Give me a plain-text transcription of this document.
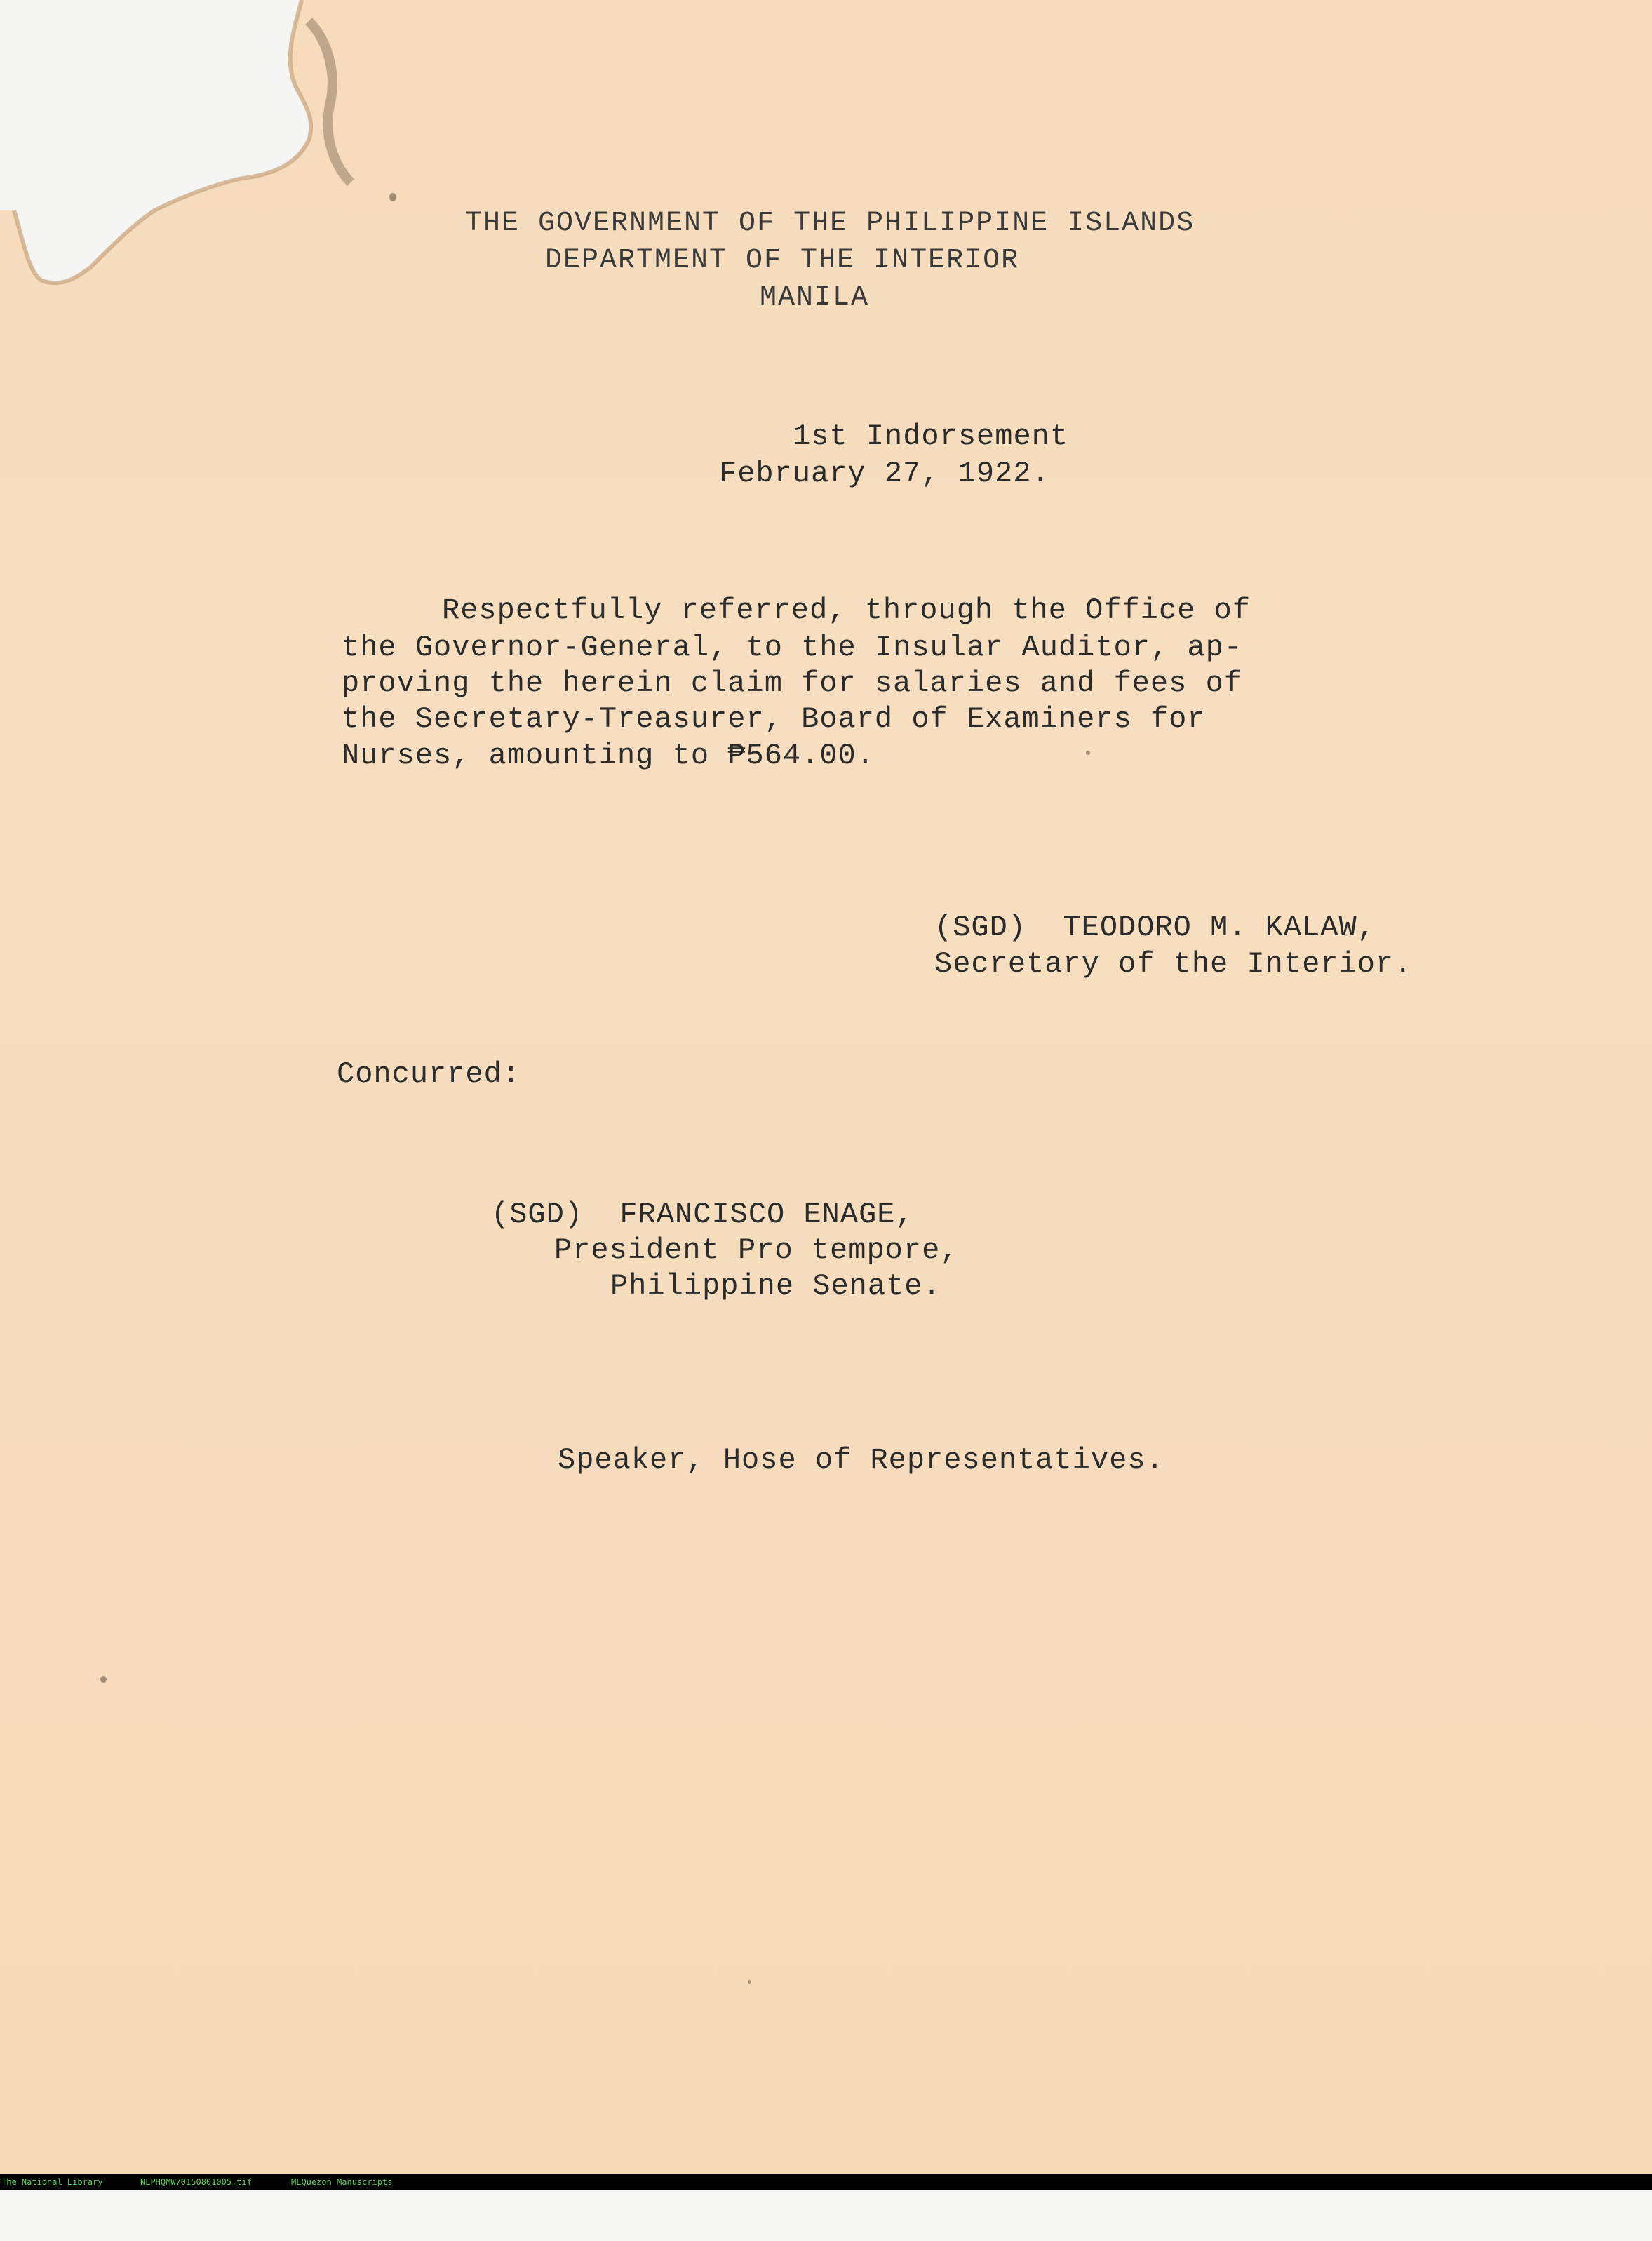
THE GOVERNMENT OF THE PHILIPPINE ISLANDS
DEPARTMENT OF THE INTERIOR
MANILA
1st Indorsement
February 27, 1922.
Respectfully referred, through the Office of
the Governor-General, to the Insular Auditor, ap-
proving the herein claim for salaries and fees of
the Secretary-Treasurer, Board of Examiners for
Nurses, amounting to ₱564.00.
(SGD)  TEODORO M. KALAW,
Secretary of the Interior.
Concurred:
(SGD)  FRANCISCO ENAGE,
President Pro tempore,
Philippine Senate.
Speaker, Hose of Representatives.

The National Library

	NLPHQMW70150801005.tif

	MLQuezon Manuscripts
